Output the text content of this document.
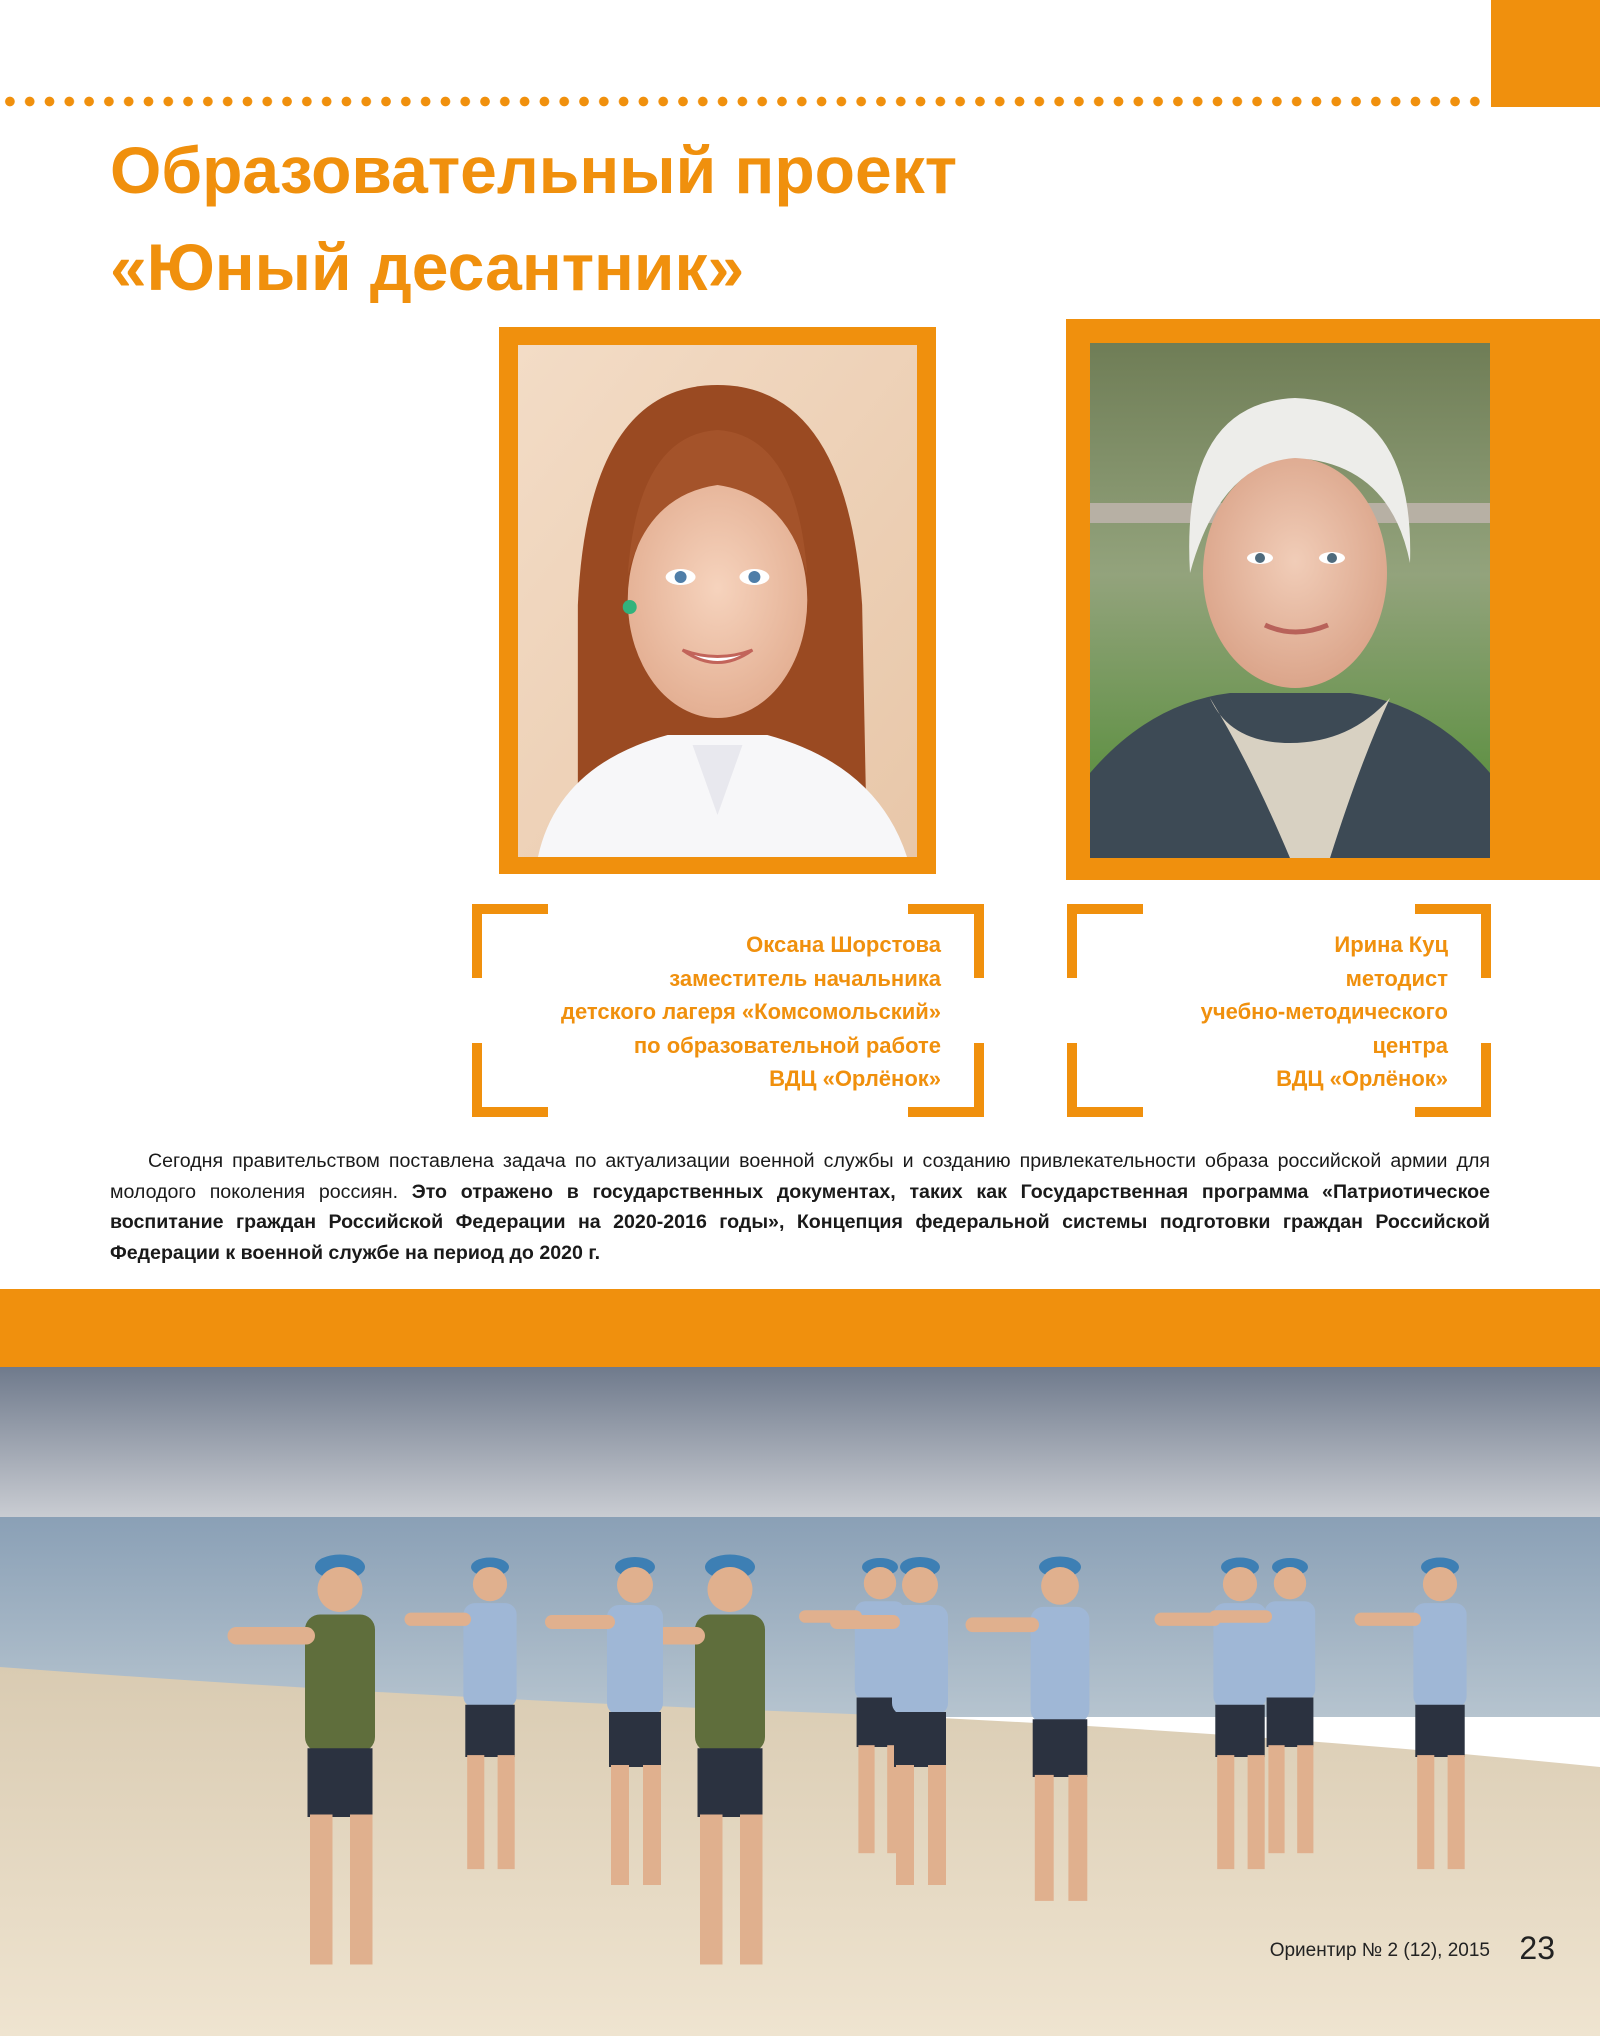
Образовательный проект
«Юный десантник»

Оксана Шорстова
заместитель начальника
детского лагеря «Комсомольский»
по образовательной работе
ВДЦ «Орлёнок»

Ирина Куц
методист
учебно-методического
центра
ВДЦ «Орлёнок»

Сегодня правительством поставлена задача по актуализации военной службы и созданию привлекательности образа российской армии для молодого поколения россиян. Это отражено в государственных документах, таких как Государственная программа «Патриотическое воспитание граждан Российской Федерации на 2020-2016 годы», Концепция федеральной системы подготовки граждан Российской Федерации к военной службе на период до 2020 г.

Ориентир № 2 (12), 2015 23
